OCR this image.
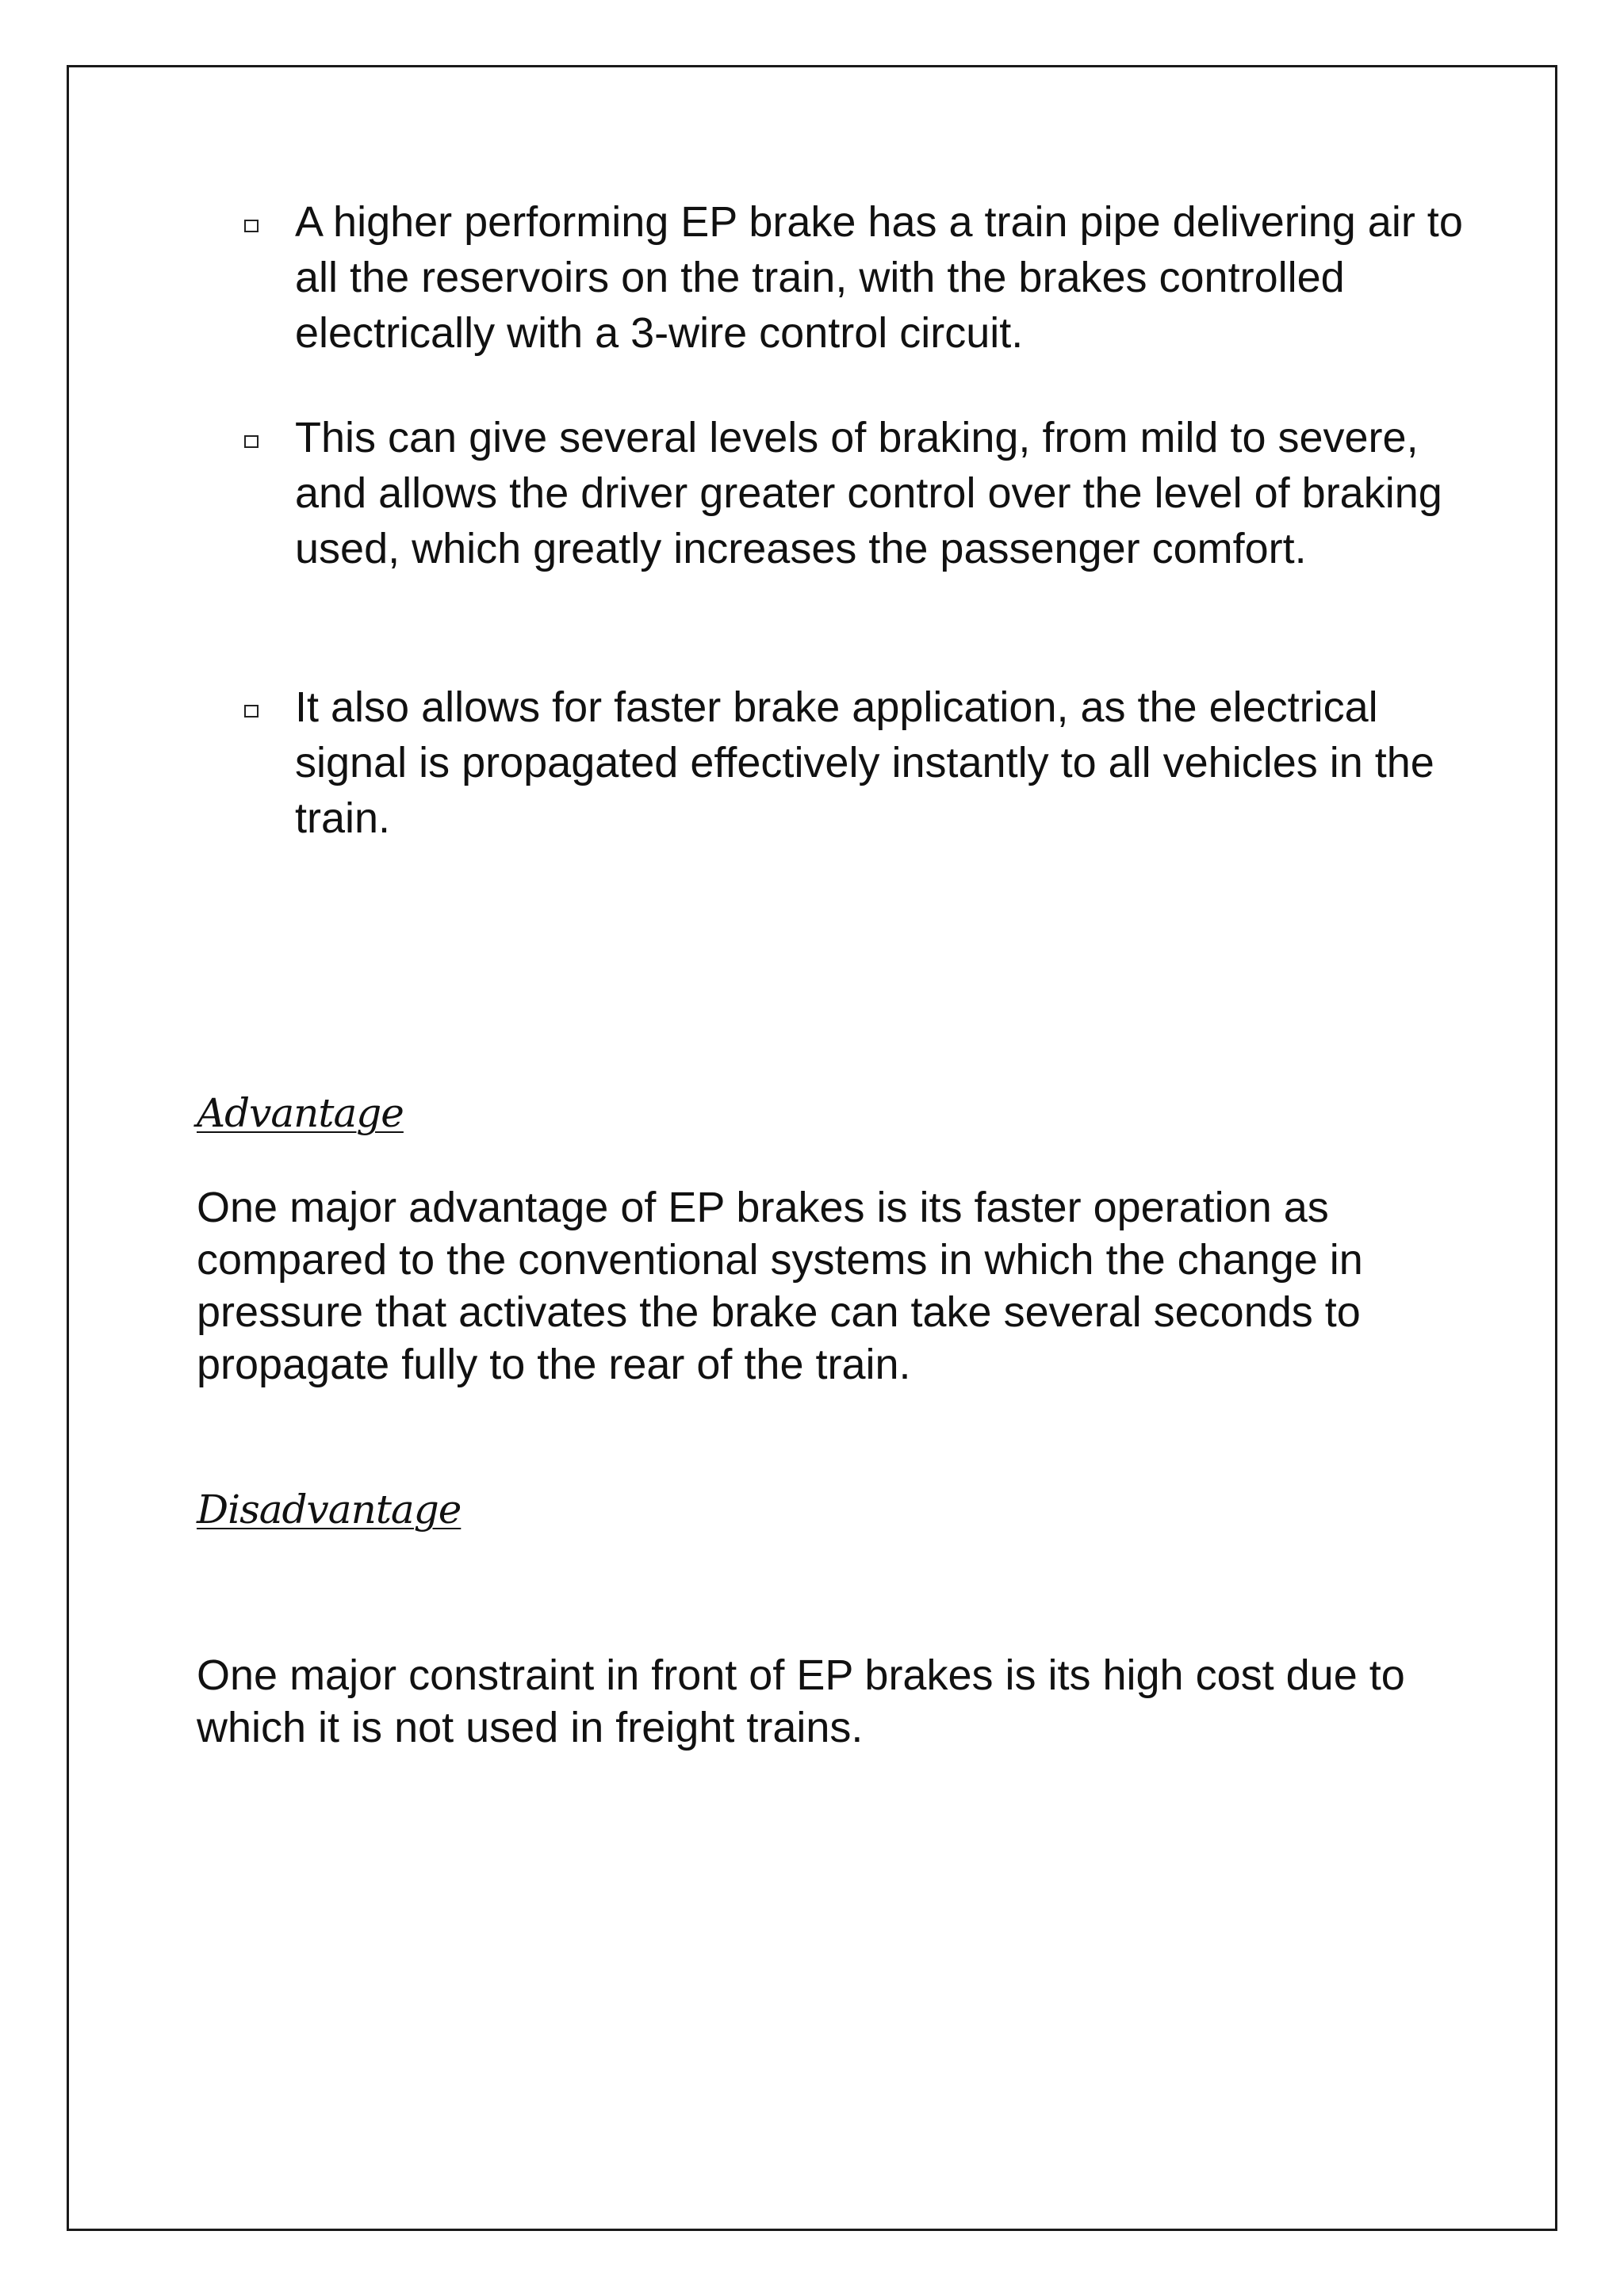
A higher performing EP brake has a train pipe delivering air to all the reservoirs on the train, with the brakes controlled electrically with a 3-wire control circuit.
This can give several levels of braking, from mild to severe, and allows the driver greater control over the level of braking used, which greatly increases the passenger comfort.
It also allows for faster brake application, as the electrical signal is propagated effectively instantly to all vehicles in the train.
Advantage

One major advantage of EP brakes is its faster operation as compared to the conventional systems in which the change in pressure that activates the brake can take several seconds to propagate fully to the rear of the train.

Disadvantage

One major constraint in front of EP brakes is its high cost due to which it is not used in freight trains.
